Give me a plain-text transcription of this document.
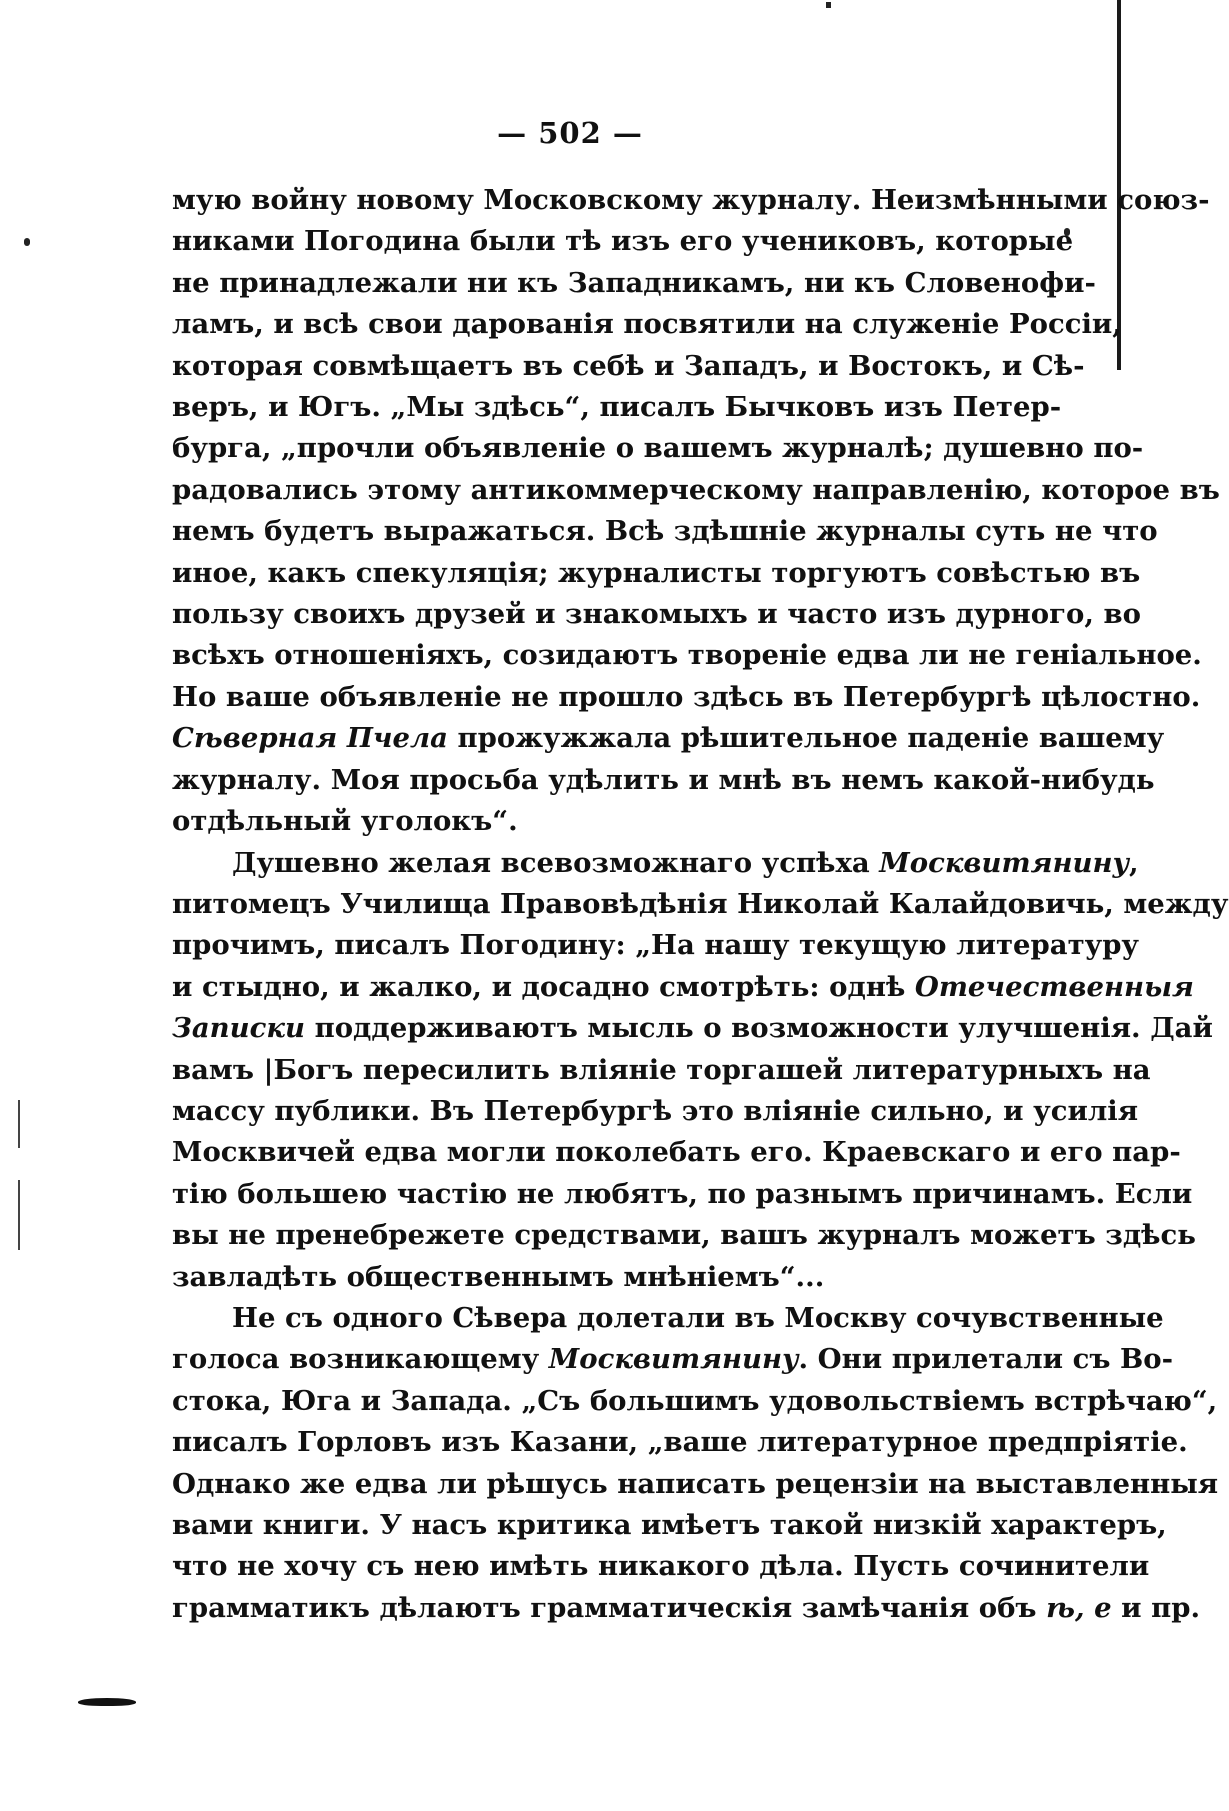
— 502 —
мую войну новому Московскому журналу. Неизмѣнными союз-
никами Погодина были тѣ изъ его учениковъ, которые
не принадлежали ни къ Западникамъ, ни къ Словенофи-
ламъ, и всѣ свои дарованія посвятили на служеніе Россіи,
которая совмѣщаетъ въ себѣ и Западъ, и Востокъ, и Сѣ-
веръ, и Югъ. „Мы здѣсь“, писалъ Бычковъ изъ Петер-
бурга, „прочли объявленіе о вашемъ журналѣ; душевно по-
радовались этому антикоммерческому направленію, которое въ
немъ будетъ выражаться. Всѣ здѣшніе журналы суть не что
иное, какъ спекуляція; журналисты торгуютъ совѣстью въ
пользу своихъ друзей и знакомыхъ и часто изъ дурного, во
всѣхъ отношеніяхъ, созидаютъ твореніе едва ли не геніальное.
Но ваше объявленіе не прошло здѣсь въ Петербургѣ цѣлостно.
Сѣверная Пчела прожужжала рѣшительное паденіе вашему
журналу. Моя просьба удѣлить и мнѣ въ немъ какой-нибудь
отдѣльный уголокъ“.
Душевно желая всевозможнаго успѣха Москвитянину,
питомецъ Училища Правовѣдѣнія Николай Калайдовичь, между
прочимъ, писалъ Погодину: „На нашу текущую литературу
и стыдно, и жалко, и досадно смотрѣть: однѣ Отечественныя
Записки поддерживаютъ мысль о возможности улучшенія. Дай
вамъ |Богъ пересилить вліяніе торгашей литературныхъ на
массу публики. Въ Петербургѣ это вліяніе сильно, и усилія
Москвичей едва могли поколебать его. Краевскаго и его пар-
тію большею частію не любятъ, по разнымъ причинамъ. Если
вы не пренебрежете средствами, вашъ журналъ можетъ здѣсь
завладѣть общественнымъ мнѣніемъ“...
Не съ одного Сѣвера долетали въ Москву сочувственные
голоса возникающему Москвитянину. Они прилетали съ Во-
стока, Юга и Запада. „Съ большимъ удовольствіемъ встрѣчаю“,
писалъ Горловъ изъ Казани, „ваше литературное предпріятіе.
Однако же едва ли рѣшусь написать рецензіи на выставленныя
вами книги. У насъ критика имѣетъ такой низкій характеръ,
что не хочу съ нею имѣть никакого дѣла. Пусть сочинители
грамматикъ дѣлаютъ грамматическія замѣчанія объ ѣ, е и пр.
